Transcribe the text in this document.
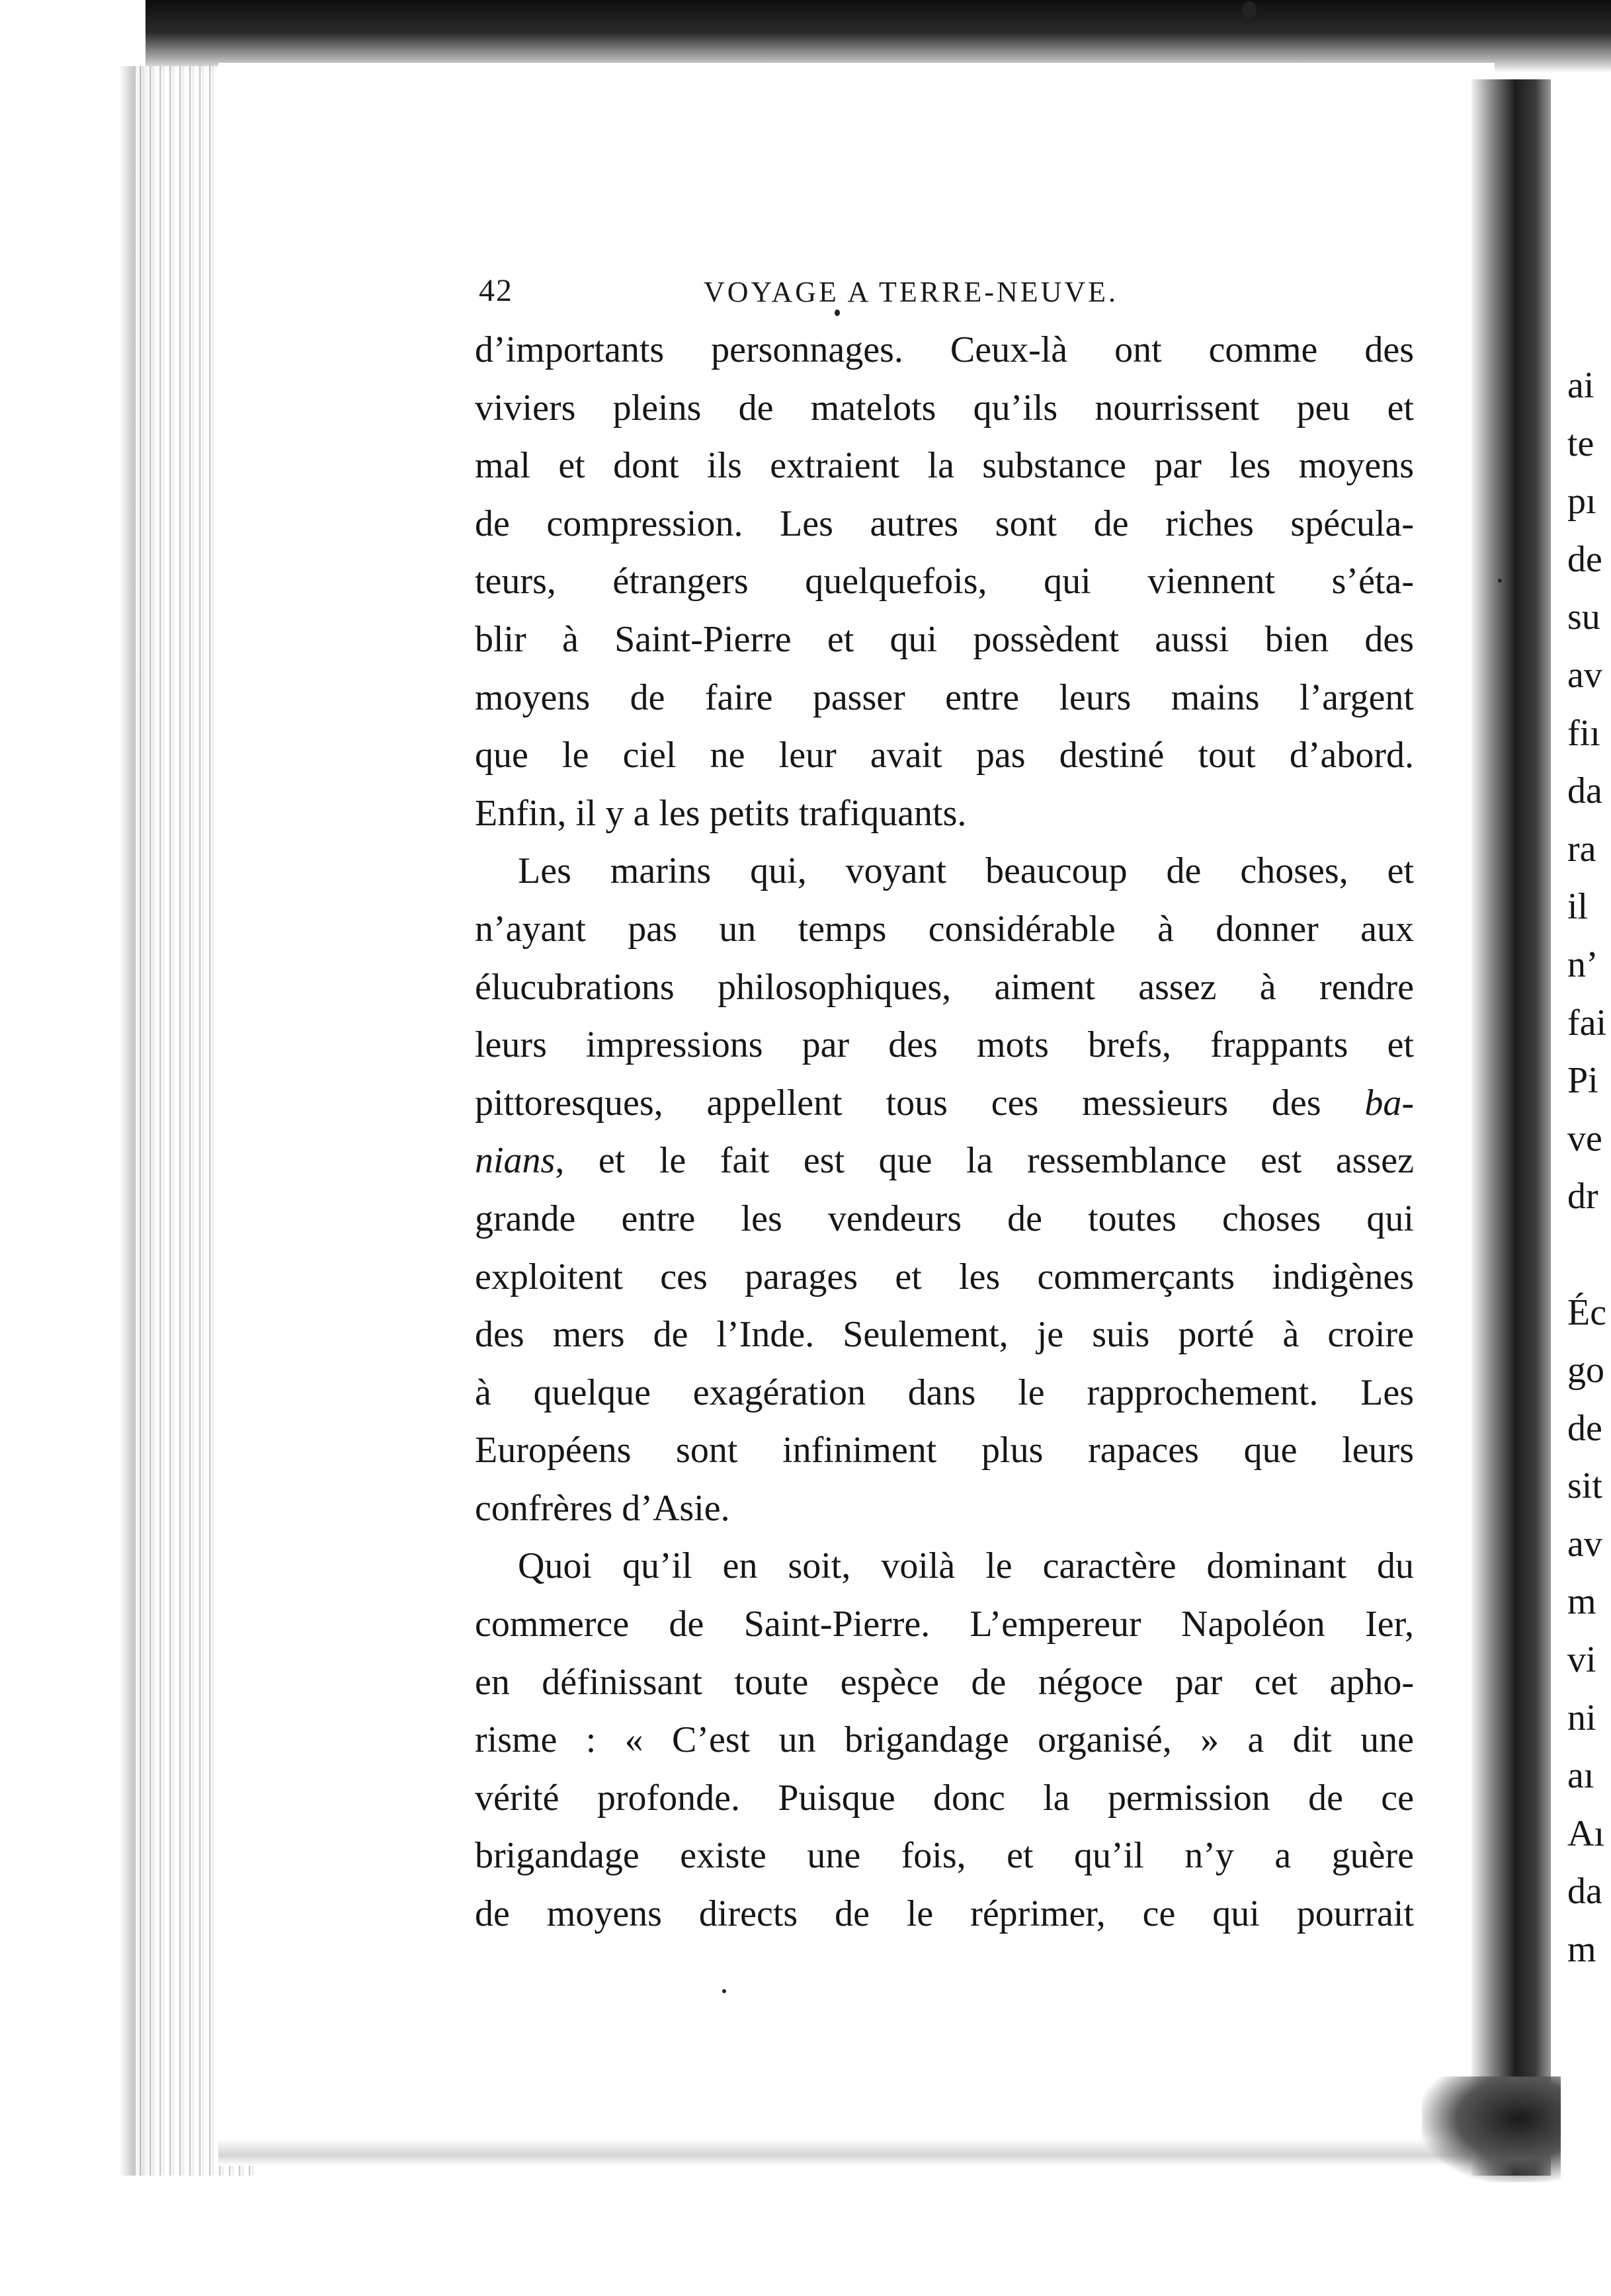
42	VOYAGE A TERRE-NEUVE.
d’importants personnages. Ceux-là ont comme des
viviers pleins de matelots qu’ils nourrissent peu et
mal et dont ils extraient la substance par les moyens
de compression. Les autres sont de riches spécula-
teurs, étrangers quelquefois, qui viennent s’éta-
blir à Saint-Pierre et qui possèdent aussi bien des
moyens de faire passer entre leurs mains l’argent
que le ciel ne leur avait pas destiné tout d’abord.
Enfin, il y a les petits trafiquants.
Les marins qui, voyant beaucoup de choses, et
n’ayant pas un temps considérable à donner aux
élucubrations philosophiques, aiment assez à rendre
leurs impressions par des mots brefs, frappants et
pittoresques, appellent tous ces messieurs des ba-
nians, et le fait est que la ressemblance est assez
grande entre les vendeurs de toutes choses qui
exploitent ces parages et les commerçants indigènes
des mers de l’Inde. Seulement, je suis porté à croire
à quelque exagération dans le rapprochement. Les
Européens sont infiniment plus rapaces que leurs
confrères d’Asie.
Quoi qu’il en soit, voilà le caractère dominant du
commerce de Saint-Pierre. L’empereur Napoléon Ier,
en définissant toute espèce de négoce par cet apho-
risme : « C’est un brigandage organisé, » a dit une
vérité profonde. Puisque donc la permission de ce
brigandage existe une fois, et qu’il n’y a guère
de moyens directs de le réprimer, ce qui pourrait
ai
te
pı
de
su
av
fiı
da
ra
il
n’
fai
Pi
ve
dr
Éc
go
de
sit
av
m
vi
ni
aı
Aı
da
m
